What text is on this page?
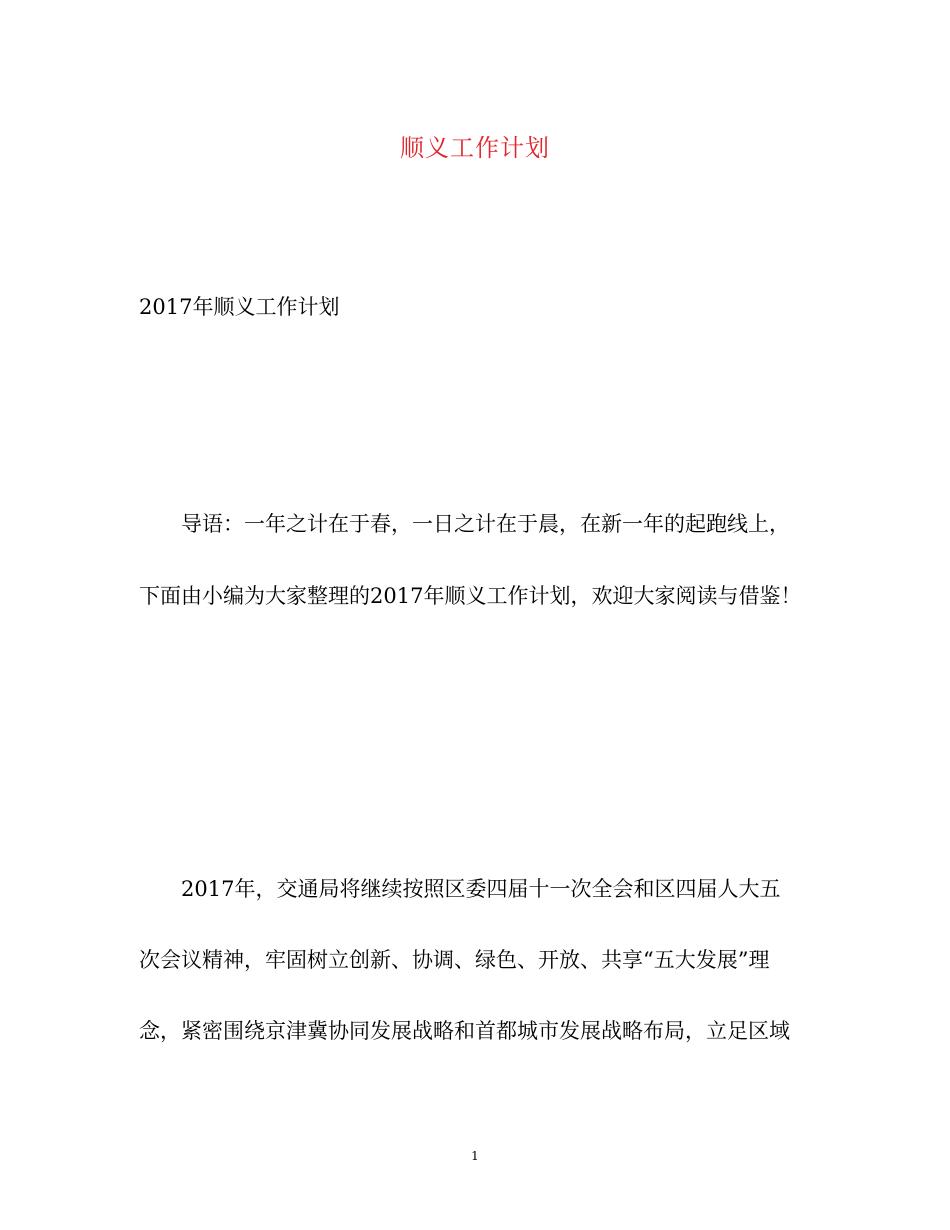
顺义工作计划
2017年顺义工作计划
导语：一年之计在于春，一日之计在于晨，在新一年的起跑线上，
下面由小编为大家整理的2017年顺义工作计划，欢迎大家阅读与借鉴！
2017年，交通局将继续按照区委四届十一次全会和区四届人大五
次会议精神，牢固树立创新、协调、绿色、开放、共享“五大发展”理
念，紧密围绕京津冀协同发展战略和首都城市发展战略布局，立足区域
1
